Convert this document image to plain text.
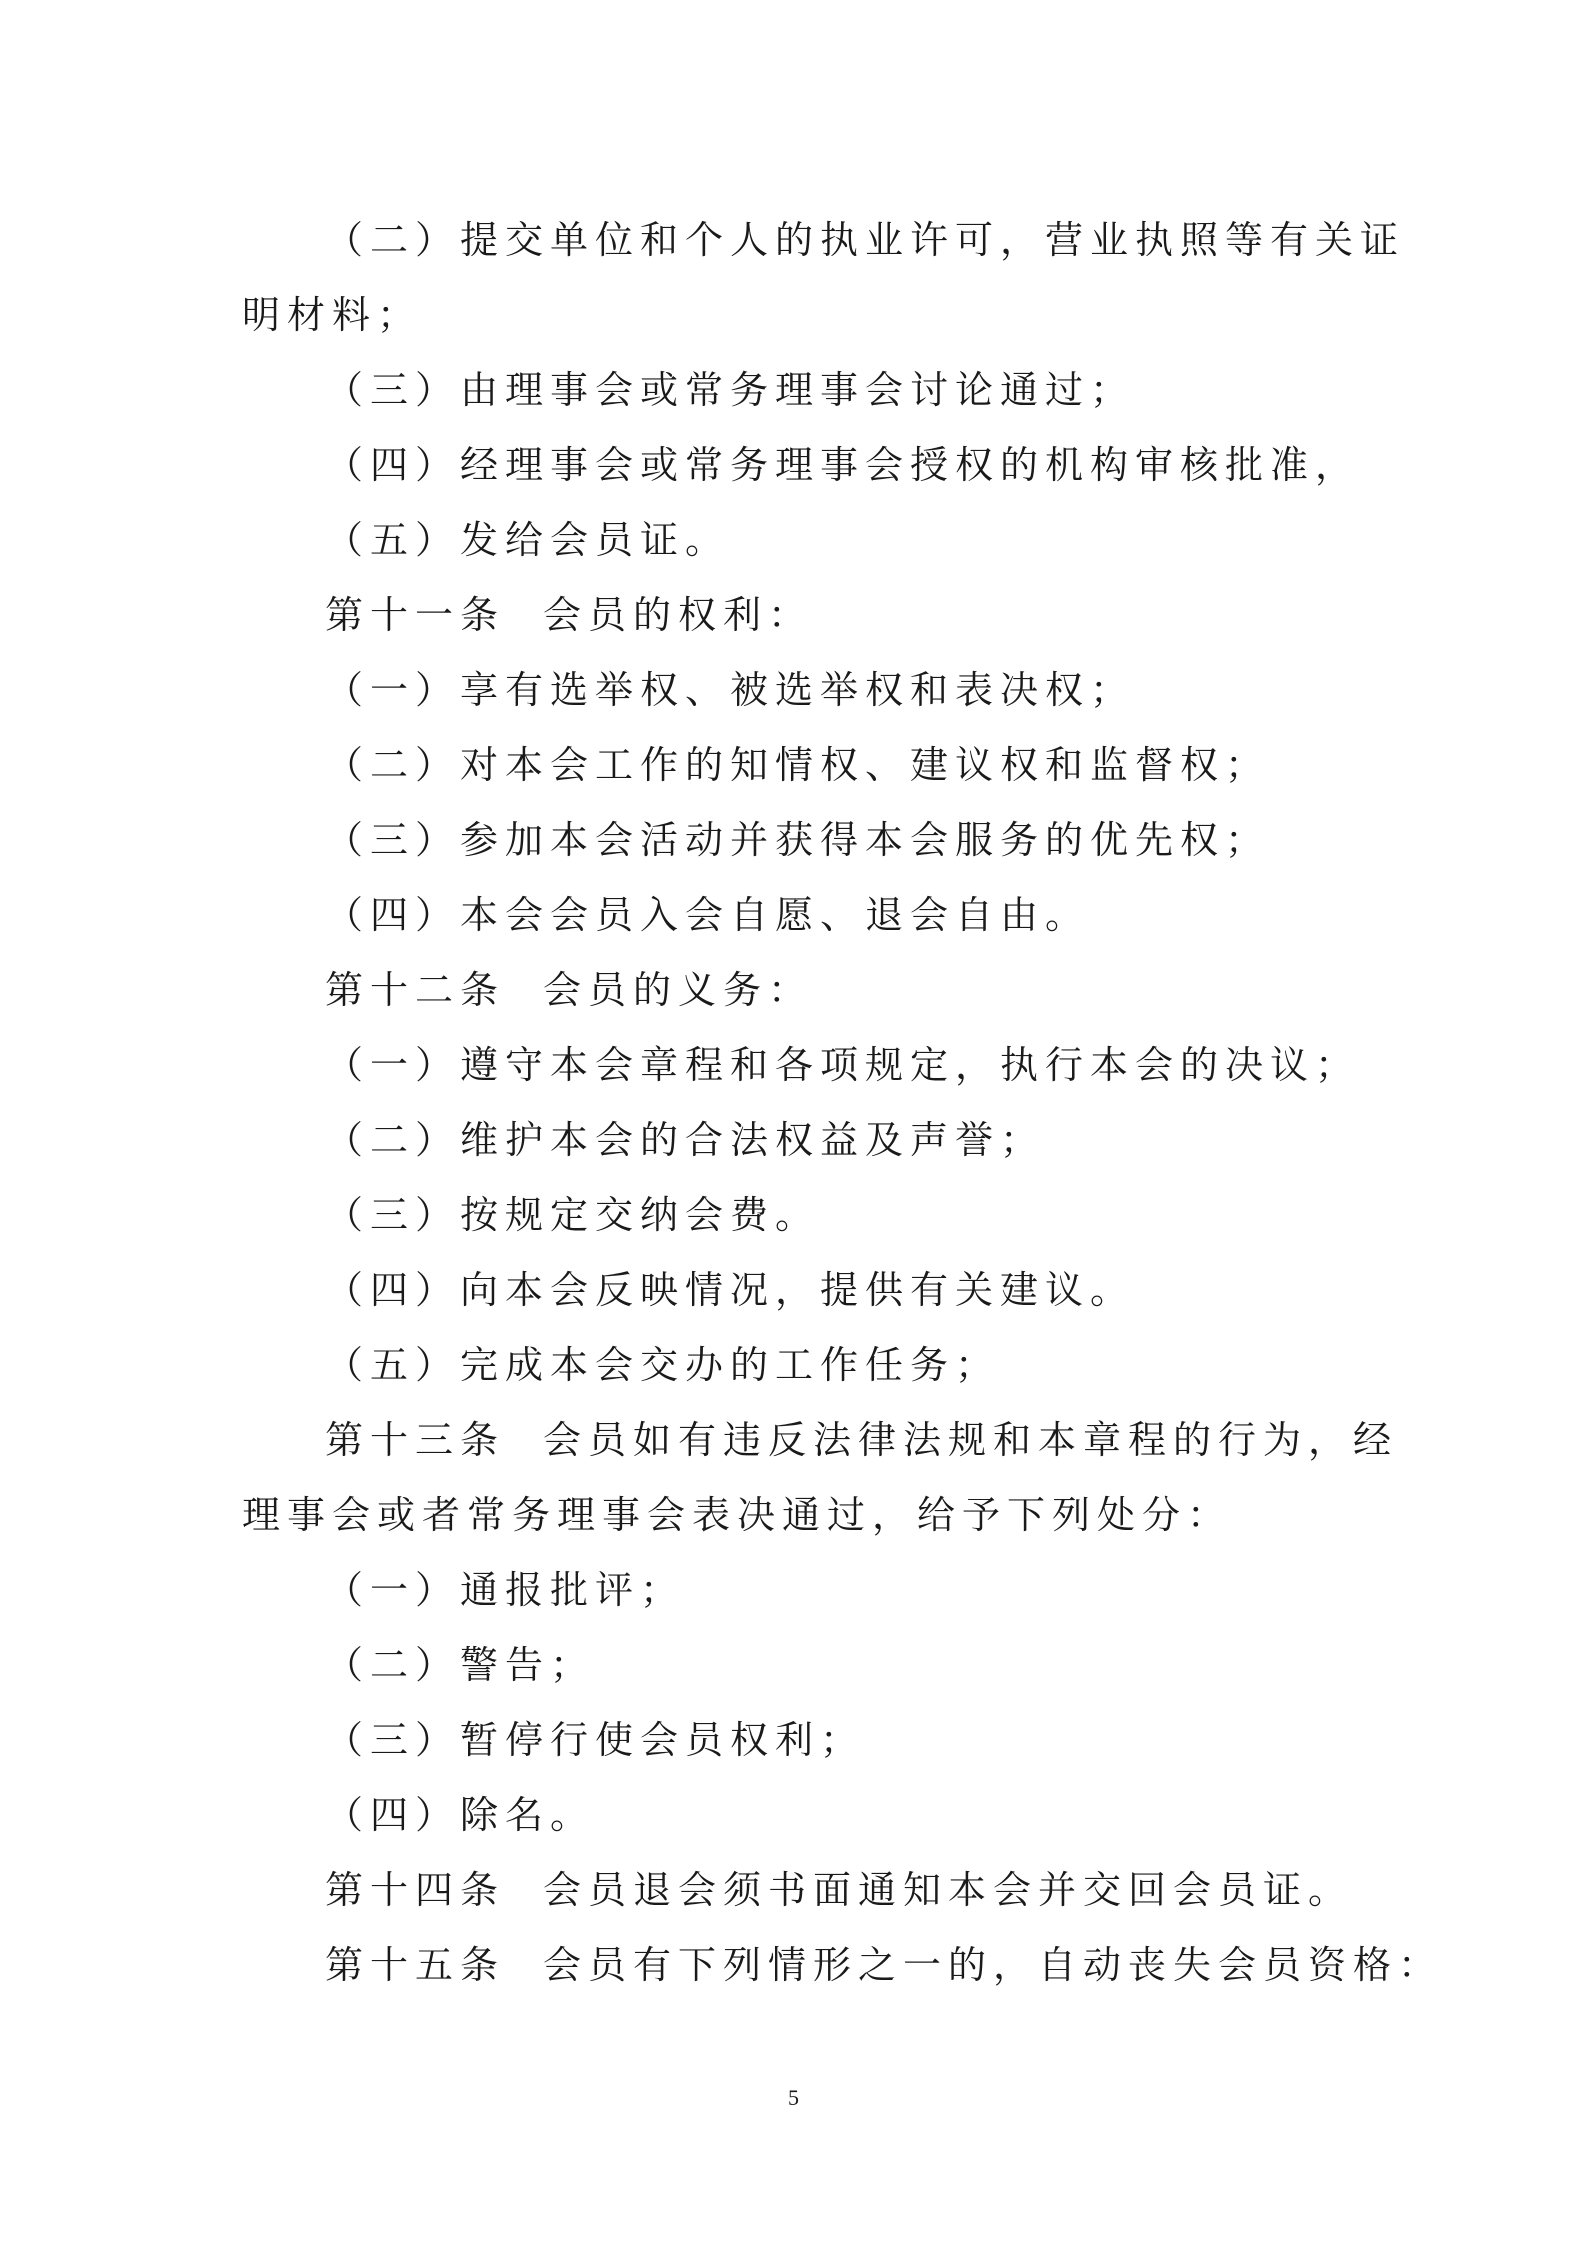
（二）提交单位和个人的执业许可，营业执照等有关证
明材料；
（三）由理事会或常务理事会讨论通过；
（四）经理事会或常务理事会授权的机构审核批准，
（五）发给会员证。
第十一条 会员的权利：
（一）享有选举权、被选举权和表决权；
（二）对本会工作的知情权、建议权和监督权；
（三）参加本会活动并获得本会服务的优先权；
（四）本会会员入会自愿、退会自由。
第十二条 会员的义务：
（一）遵守本会章程和各项规定，执行本会的决议；
（二）维护本会的合法权益及声誉；
（三）按规定交纳会费。
（四）向本会反映情况，提供有关建议。
（五）完成本会交办的工作任务；
第十三条 会员如有违反法律法规和本章程的行为，经
理事会或者常务理事会表决通过，给予下列处分：
（一）通报批评；
（二）警告；
（三）暂停行使会员权利；
（四）除名。
第十四条 会员退会须书面通知本会并交回会员证。
第十五条 会员有下列情形之一的，自动丧失会员资格：
5
